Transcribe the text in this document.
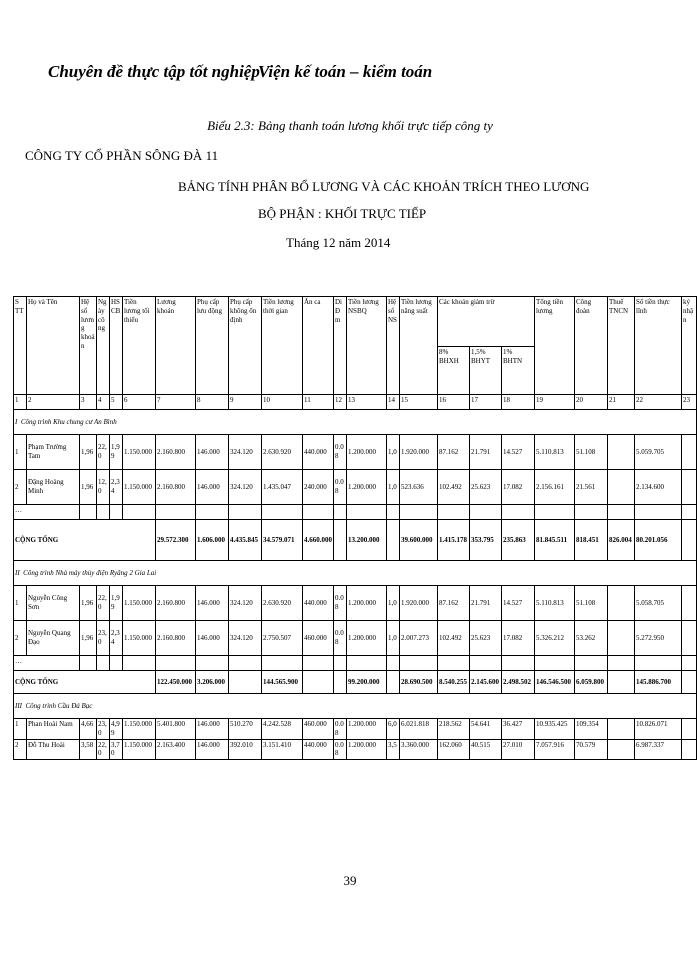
Chuyên đề thực tập tốt nghiệp
Viện kế toán – kiểm toán
Biểu 2.3: Bảng thanh toán lương khối trực tiếp công ty
CÔNG TY CỔ PHẦN SÔNG ĐÀ 11
BẢNG TÍNH PHÂN BỔ LƯƠNG VÀ CÁC KHOẢN TRÍCH THEO LƯƠNG
BỘ PHẬN : KHỐI TRỰC TIẾP
Tháng 12 năm 2014
S TT	Họ và Tên	Hệ số lương khoán	Ngày công	HS CB	Tiền lương tối thiểu	Lương khoán	Phụ cấp lưu động	Phụ cấp không ổn định	Tiền lương thời gian	Ăn ca	Di Đ m	Tiền lương NSBQ	Hệ số NS	Tiền lương năng suất	Các khoản giảm trừ			Tổng tiền lương	Công đoàn	Thuế TNCN	Số tiền thực lĩnh	ký nhận
															8% BHXH	1,5% BHYT	1% BHTN					
1	2	3	4	5	6	7	8	9	10	11	12	13	14	15	16	17	18	19	20	21	22	23
I Công trình Khu chung cư An Bình																						
1	Phạm Trường Tam	1,96	22,0	1,99	1.150.000	2.160.800	146.000	324.120	2.630.920	440.000	0.08	1.200.000	1,0	1.920.000	87.162	21.791	14.527	5.110.813	51.108		5.059.705	
2	Đặng Hoàng Minh	1,96	12,0	2,34	1.150.000	2.160.800	146.000	324.120	1.435.047	240.000	0.08	1.200.000	1,0	523.636	102.492	25.623	17.082	2.156.161	21.561		2.134.600	
…																						
CỘNG TỔNG						29.572.300	1.606.000	4.435.845	34.579.071	4.660.000		13.200.000		39.600.000	1.415.178	353.795	235.863	81.845.511	818.451	826.004	80.201.056	
II Công trình Nhà máy thủy điện Ryâng 2 Gia Lai																						
1	Nguyễn Công Sơn	1,96	22,0	1,99	1.150.000	2.160.800	146.000	324.120	2.630.920	440.000	0.08	1.200.000	1,0	1.920.000	87.162	21.791	14.527	5.110.813	51.108		5.058.705	
2	Nguyễn Quang Đạo	1,96	23,0	2,34	1.150.000	2.160.800	146.000	324.120	2.750.507	460.000	0.08	1.200.000	1,0	2.007.273	102.492	25.623	17.082	5.326.212	53.262		5.272.950	
…																						
CỘNG TỔNG						122.450.000	3.206.000		144.565.900			99.200.000		28.690.500	8.540.255	2.145.600	2.498.502	146.546.500	6.059.800		145.886.700	
III Công trình Cầu Đá Bạc																						
1	Phan Hoài Nam	4,66	23,0	4,99	1.150.000	5.401.800	146.000	510.270	4.242.528	460.000	0.08	1.200.000	6,0	6.021.818	218.562	54.641	36.427	10.935.425	109.354		10.826.071	
2	Đỗ Thu Hoài	3,58	22,0	3,70	1.150.000	2.163.400	146.000	392.010	3.151.410	440.000	0.08	1.200.000	3,5	3.360.000	162.060	40.515	27.010	7.057.916	70.579		6.987.337	
39
